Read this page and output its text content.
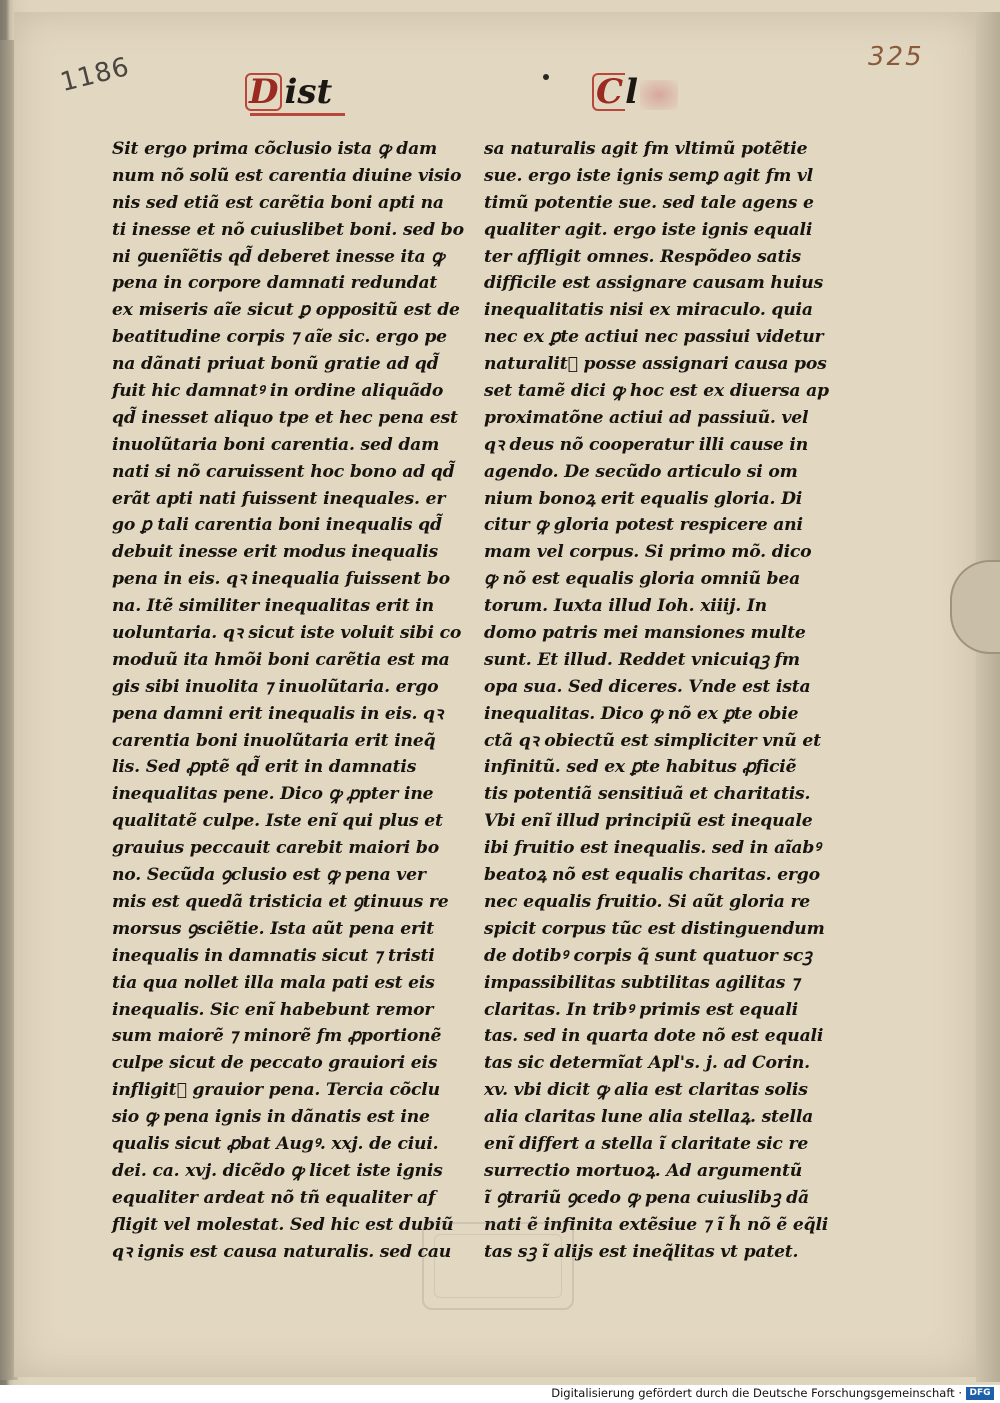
1186	325
D ist	Cl
Sit ergo prima cõclusio ista ꝙ dam
num nõ solũ est carentia diuine visio
nis sed etiã est carẽtia boni apti na
ti inesse et nõ cuiuslibet boni. sed bo
ni ꝯuenĩẽtis qd̃ deberet inesse ita ꝙ
pena in corpore damnati redundat
ex miseris aĩe sicut ꝑ oppositũ est de
beatitudine corpis ⁊ aĩe sic. ergo pe
na dãnati priuat bonũ gratie ad qd̃
fuit hic damnatꝰ in ordine aliquãdo
qd̃ inesset aliquo tpe et hec pena est
inuolũtaria boni carentia. sed dam
nati si nõ caruissent hoc bono ad qd̃
erãt apti nati fuissent inequales. er
go ꝑ tali carentia boni inequalis qd̃
debuit inesse erit modus inequalis
pena in eis. qꝛ inequalia fuissent bo
na. Itẽ similiter inequalitas erit in
uoluntaria. qꝛ sicut iste voluit sibi co
moduũ ita hmõi boni carẽtia est ma
gis sibi inuolita ⁊ inuolũtaria. ergo
pena damni erit inequalis in eis. qꝛ
carentia boni inuolũtaria erit ineq̃
lis. Sed ꝓptẽ qd̃ erit in damnatis
inequalitas pene. Dico ꝙ ꝓpter ine
qualitatẽ culpe. Iste enĩ qui plus et
grauius peccauit carebit maiori bo
no. Secũda ꝯclusio est ꝙ pena ver
mis est quedã tristicia et ꝯtinuus re
morsus ꝯsciẽtie. Ista aũt pena erit
inequalis in damnatis sicut ⁊ tristi
tia qua nollet illa mala pati est eis
inequalis. Sic enĩ habebunt remor
sum maiorẽ ⁊ minorẽ fm ꝓportionẽ
culpe sicut de peccato grauiori eis
infligitᷣ grauior pena. Tercia cõclu
sio ꝙ pena ignis in dãnatis est ine
qualis sicut ꝓbat Augꝰ. xxj. de ciui.
dei. ca. xvj. dicẽdo ꝙ licet iste ignis
equaliter ardeat nõ tñ equaliter af
fligit vel molestat. Sed hic est dubiũ
qꝛ ignis est causa naturalis. sed cau
sa naturalis agit fm vltimũ potẽtie
sue. ergo iste ignis semꝑ agit fm vl
timũ potentie sue. sed tale agens e
qualiter agit. ergo iste ignis equali
ter affligit omnes. Respõdeo satis
difficile est assignare causam huius
inequalitatis nisi ex miraculo. quia
nec ex ꝑte actiui nec passiui videtur
naturalitᷣ posse assignari causa pos
set tamẽ dici ꝙ hoc est ex diuersa ap
proximatõne actiui ad passiuũ. vel
qꝛ deus nõ cooperatur illi cause in
agendo. De secũdo articulo si om
nium bonoꝝ erit equalis gloria. Di
citur ꝙ gloria potest respicere ani
mam vel corpus. Si primo mõ. dico
ꝙ nõ est equalis gloria omniũ bea
torum. Iuxta illud Ioh. xiiij. In
domo patris mei mansiones multe
sunt. Et illud. Reddet vnicuiqꝫ fm
opa sua. Sed diceres. Vnde est ista
inequalitas. Dico ꝙ nõ ex ꝑte obie
ctã qꝛ obiectũ est simpliciter vnũ et
infinitũ. sed ex ꝑte habitus ꝓficiẽ
tis potentiã sensitiuã et charitatis.
Vbi enĩ illud principiũ est inequale
ibi fruitio est inequalis. sed in aĩabꝰ
beatoꝝ nõ est equalis charitas. ergo
nec equalis fruitio. Si aũt gloria re
spicit corpus tũc est distinguendum
de dotibꝰ corpis q̃ sunt quatuor scꝫ
impassibilitas subtilitas agilitas ⁊
claritas. In tribꝰ primis est equali
tas. sed in quarta dote nõ est equali
tas sic determĩat Apl's. j. ad Corin.
xv. vbi dicit ꝙ alia est claritas solis
alia claritas lune alia stellaꝝ. stella
enĩ differt a stella ĩ claritate sic re
surrectio mortuoꝝ. Ad argumentũ
ĩ ꝯtrariũ ꝯcedo ꝙ pena cuiuslibꝫ dã
nati ẽ infinita extẽsiue ⁊ ĩ h̃ nõ ẽ eq̃li
tas sꝫ ĩ alijs est ineq̃litas vt patet.
Digitalisierung gefördert durch die Deutsche Forschungsgemeinschaft · DFG
